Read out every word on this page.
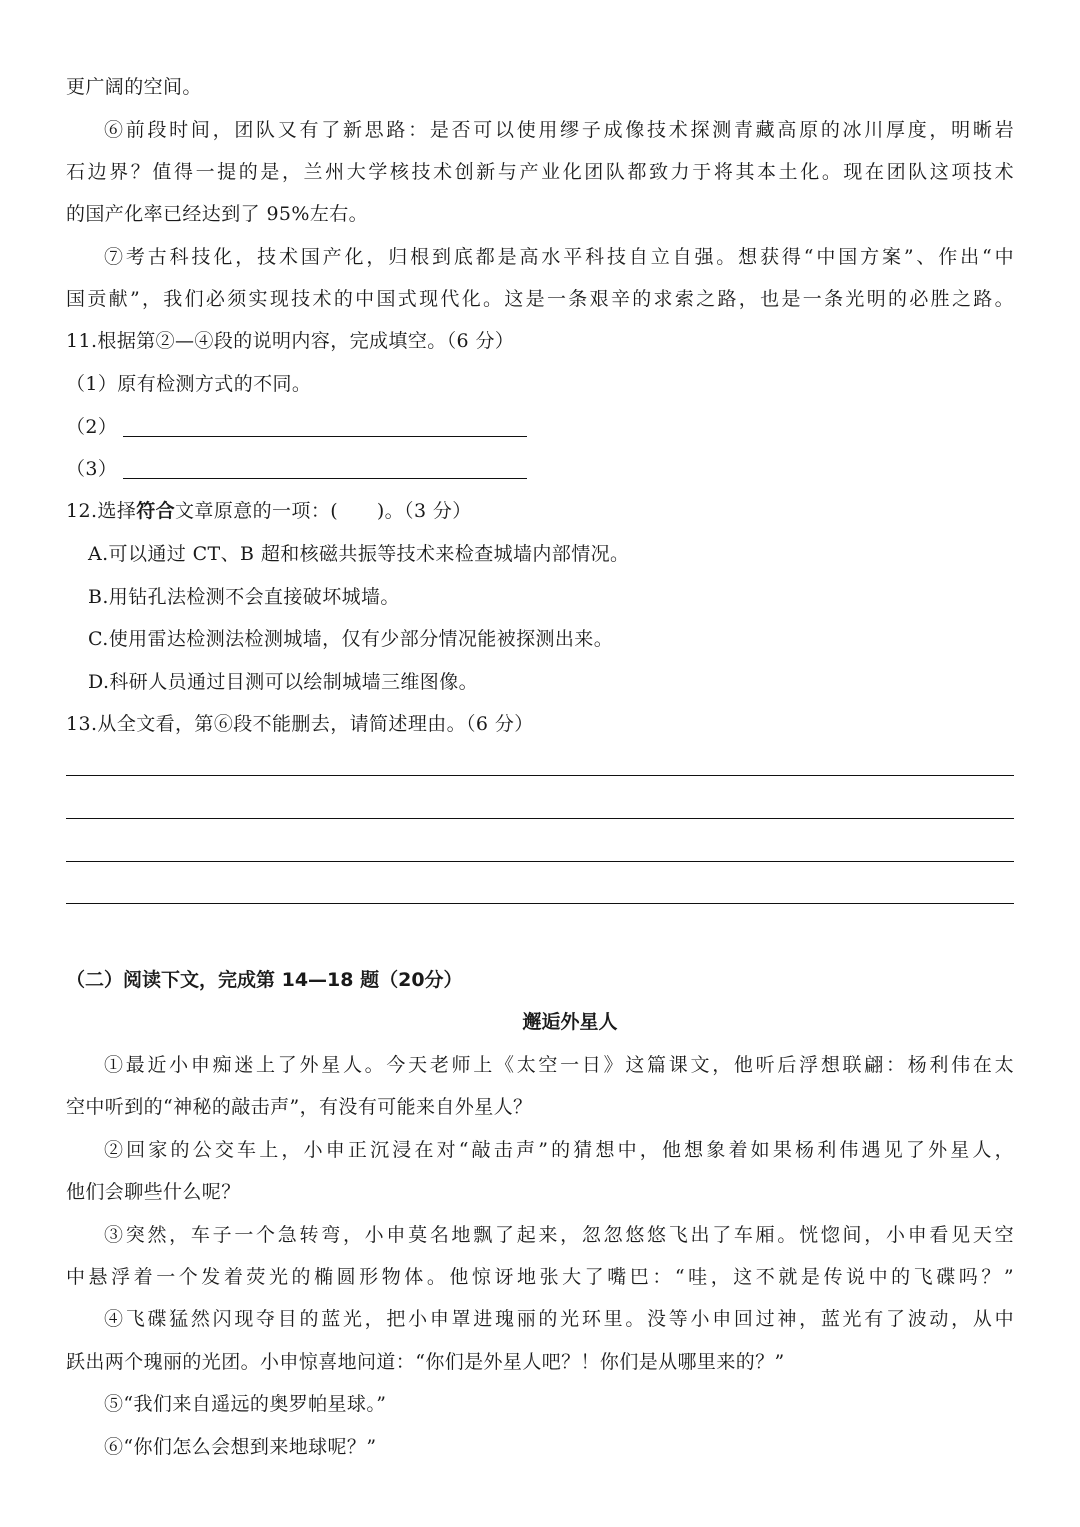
更广阔的空间。
⑥前段时间，团队又有了新思路：是否可以使用缪子成像技术探测青藏高原的冰川厚度，明晰岩
石边界？值得一提的是，兰州大学核技术创新与产业化团队都致力于将其本土化。现在团队这项技术
的国产化率已经达到了 95%左右。
⑦考古科技化，技术国产化，归根到底都是高水平科技自立自强。想获得“中国方案”、作出“中
国贡献”，我们必须实现技术的中国式现代化。这是一条艰辛的求索之路，也是一条光明的必胜之路。
11.根据第②—④段的说明内容，完成填空。（6 分）
（1）原有检测方式的不同。
（2）
（3）
12.选择符合文章原意的一项：(　　)。（3 分）
A.可以通过 CT、B 超和核磁共振等技术来检查城墙内部情况。
B.用钻孔法检测不会直接破坏城墙。
C.使用雷达检测法检测城墙，仅有少部分情况能被探测出来。
D.科研人员通过目测可以绘制城墙三维图像。
13.从全文看，第⑥段不能删去，请简述理由。（6 分）
（二）阅读下文，完成第 14—18 题（20分）
邂逅外星人
①最近小申痴迷上了外星人。今天老师上《太空一日》这篇课文，他听后浮想联翩：杨利伟在太
空中听到的“神秘的敲击声”，有没有可能来自外星人？
②回家的公交车上，小申正沉浸在对“敲击声”的猜想中，他想象着如果杨利伟遇见了外星人，
他们会聊些什么呢？
③突然，车子一个急转弯，小申莫名地飘了起来，忽忽悠悠飞出了车厢。恍惚间，小申看见天空
中悬浮着一个发着荧光的椭圆形物体。他惊讶地张大了嘴巴：“哇，这不就是传说中的飞碟吗？”
④飞碟猛然闪现夺目的蓝光，把小申罩进瑰丽的光环里。没等小申回过神，蓝光有了波动，从中
跃出两个瑰丽的光团。小申惊喜地问道：“你们是外星人吧？！你们是从哪里来的？”
⑤“我们来自遥远的奥罗帕星球。”
⑥“你们怎么会想到来地球呢？”
